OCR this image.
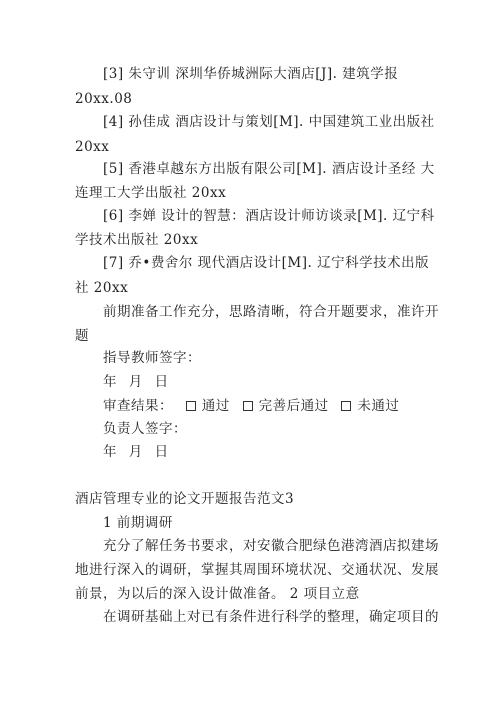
[3] 朱守训 深圳华侨城洲际大酒店[J]. 建筑学报
20xx.08
[4] 孙佳成 酒店设计与策划[M]. 中国建筑工业出版社
20xx
[5] 香港卓越东方出版有限公司[M]. 酒店设计圣经 大
连理工大学出版社 20xx
[6] 李婵 设计的智慧：酒店设计师访谈录[M]. 辽宁科
学技术出版社 20xx
[7] 乔•费舍尔 现代酒店设计[M]. 辽宁科学技术出版
社 20xx
前期准备工作充分，思路清晰，符合开题要求，准许开
题
指导教师签字：
年 月 日
审查结果： 通过 完善后通过 未通过
负责人签字：
年 月 日
酒店管理专业的论文开题报告范文3
1 前期调研
充分了解任务书要求，对安徽合肥绿色港湾酒店拟建场
地进行深入的调研，掌握其周围环境状况、交通状况、发展
前景，为以后的深入设计做准备。 2 项目立意
在调研基础上对已有条件进行科学的整理，确定项目的
